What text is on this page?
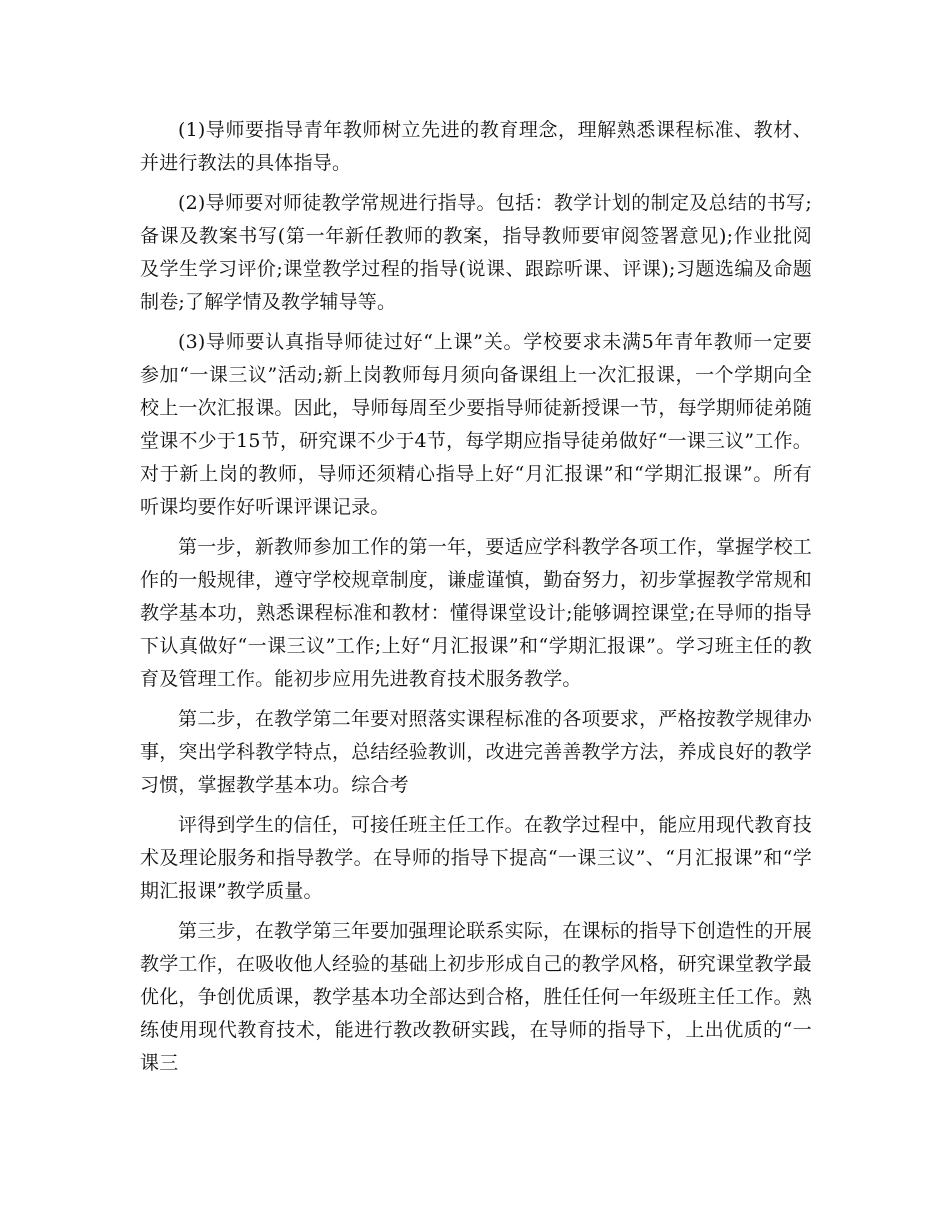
(1)导师要指导青年教师树立先进的教育理念，理解熟悉课程标准、教材、并进行教法的具体指导。

(2)导师要对师徒教学常规进行指导。包括：教学计划的制定及总结的书写;备课及教案书写(第一年新任教师的教案，指导教师要审阅签署意见);作业批阅及学生学习评价;课堂教学过程的指导(说课、跟踪听课、评课);习题选编及命题制卷;了解学情及教学辅导等。

(3)导师要认真指导师徒过好“上课”关。学校要求未满5年青年教师一定要参加“一课三议”活动;新上岗教师每月须向备课组上一次汇报课，一个学期向全校上一次汇报课。因此，导师每周至少要指导师徒新授课一节，每学期师徒弟随堂课不少于15节，研究课不少于4节，每学期应指导徒弟做好“一课三议”工作。对于新上岗的教师，导师还须精心指导上好“月汇报课”和“学期汇报课”。所有听课均要作好听课评课记录。

第一步，新教师参加工作的第一年，要适应学科教学各项工作，掌握学校工作的一般规律，遵守学校规章制度，谦虚谨慎，勤奋努力，初步掌握教学常规和教学基本功，熟悉课程标准和教材：懂得课堂设计;能够调控课堂;在导师的指导下认真做好“一课三议”工作;上好“月汇报课”和“学期汇报课”。学习班主任的教育及管理工作。能初步应用先进教育技术服务教学。

第二步，在教学第二年要对照落实课程标准的各项要求，严格按教学规律办事，突出学科教学特点，总结经验教训，改进完善善教学方法，养成良好的教学习惯，掌握教学基本功。综合考

评得到学生的信任，可接任班主任工作。在教学过程中，能应用现代教育技术及理论服务和指导教学。在导师的指导下提高“一课三议”、“月汇报课”和“学期汇报课”教学质量。

第三步，在教学第三年要加强理论联系实际，在课标的指导下创造性的开展教学工作，在吸收他人经验的基础上初步形成自己的教学风格，研究课堂教学最优化，争创优质课，教学基本功全部达到合格，胜任任何一年级班主任工作。熟练使用现代教育技术，能进行教改教研实践，在导师的指导下，上出优质的“一课三
